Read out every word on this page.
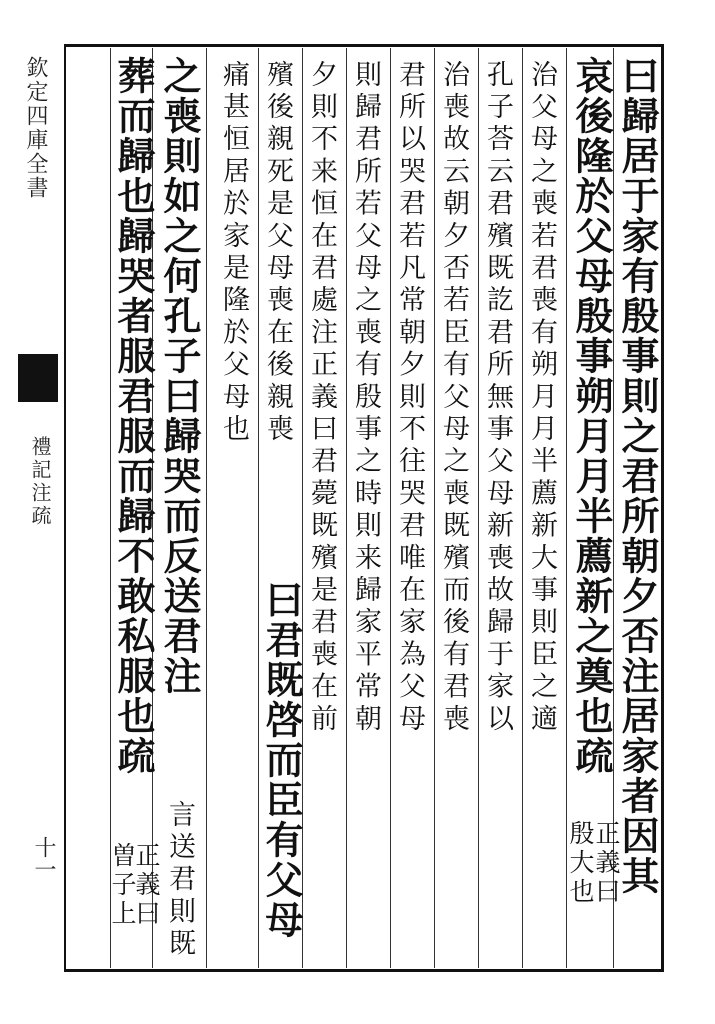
欽定四庫全書
禮記注疏
十一	曰歸居于家有殷事則之君所朝夕否注居家者因其
哀後隆於父母殷事朔月月半薦新之奠也疏
正義曰
殷大也
治父母之喪若君喪有朔月月半薦新大事則臣之適
孔子荅云君殯既訖君所無事父母新喪故歸于家以
治喪故云朝夕否若臣有父母之喪既殯而後有君喪
君所以哭君若凡常朝夕則不往哭君唯在家為父母
則歸君所若父母之喪有殷事之時則来歸家平常朝
夕則不来恒在君處注正義曰君薨既殯是君喪在前
殯後親死是父母喪在後親喪
曰君既啓而臣有父母
痛甚恒居於家是隆於父母也
之喪則如之何孔子曰歸哭而反送君注
言送君則既
葬而歸也歸哭者服君服而歸不敢私服也疏
正義曰
曽子上
